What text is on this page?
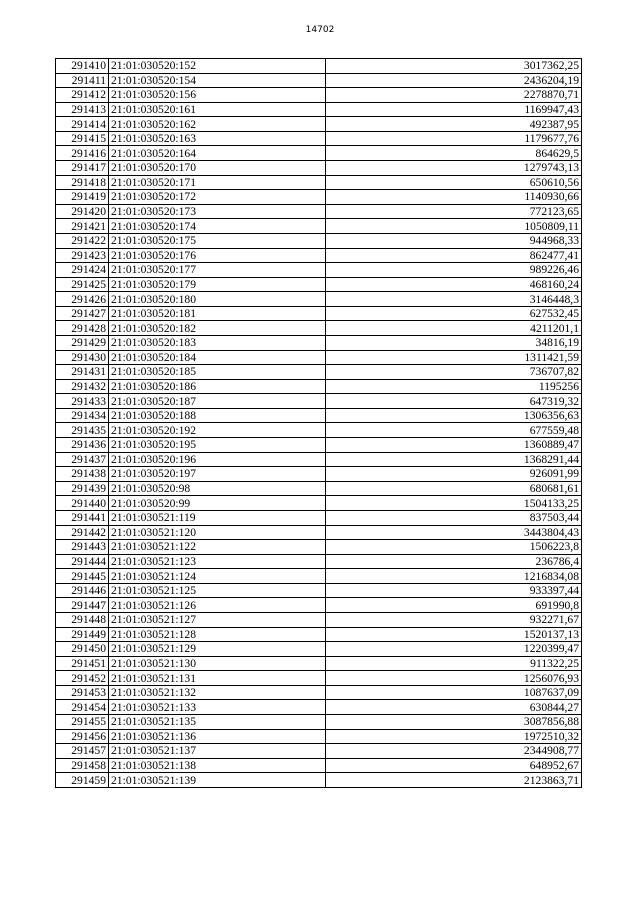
14702
291410	21:01:030520:152	3017362,25
291411	21:01:030520:154	2436204,19
291412	21:01:030520:156	2278870,71
291413	21:01:030520:161	1169947,43
291414	21:01:030520:162	492387,95
291415	21:01:030520:163	1179677,76
291416	21:01:030520:164	864629,5
291417	21:01:030520:170	1279743,13
291418	21:01:030520:171	650610,56
291419	21:01:030520:172	1140930,66
291420	21:01:030520:173	772123,65
291421	21:01:030520:174	1050809,11
291422	21:01:030520:175	944968,33
291423	21:01:030520:176	862477,41
291424	21:01:030520:177	989226,46
291425	21:01:030520:179	468160,24
291426	21:01:030520:180	3146448,3
291427	21:01:030520:181	627532,45
291428	21:01:030520:182	4211201,1
291429	21:01:030520:183	34816,19
291430	21:01:030520:184	1311421,59
291431	21:01:030520:185	736707,82
291432	21:01:030520:186	1195256
291433	21:01:030520:187	647319,32
291434	21:01:030520:188	1306356,63
291435	21:01:030520:192	677559,48
291436	21:01:030520:195	1360889,47
291437	21:01:030520:196	1368291,44
291438	21:01:030520:197	926091,99
291439	21:01:030520:98	680681,61
291440	21:01:030520:99	1504133,25
291441	21:01:030521:119	837503,44
291442	21:01:030521:120	3443804,43
291443	21:01:030521:122	1506223,8
291444	21:01:030521:123	236786,4
291445	21:01:030521:124	1216834,08
291446	21:01:030521:125	933397,44
291447	21:01:030521:126	691990,8
291448	21:01:030521:127	932271,67
291449	21:01:030521:128	1520137,13
291450	21:01:030521:129	1220399,47
291451	21:01:030521:130	911322,25
291452	21:01:030521:131	1256076,93
291453	21:01:030521:132	1087637,09
291454	21:01:030521:133	630844,27
291455	21:01:030521:135	3087856,88
291456	21:01:030521:136	1972510,32
291457	21:01:030521:137	2344908,77
291458	21:01:030521:138	648952,67
291459	21:01:030521:139	2123863,71
